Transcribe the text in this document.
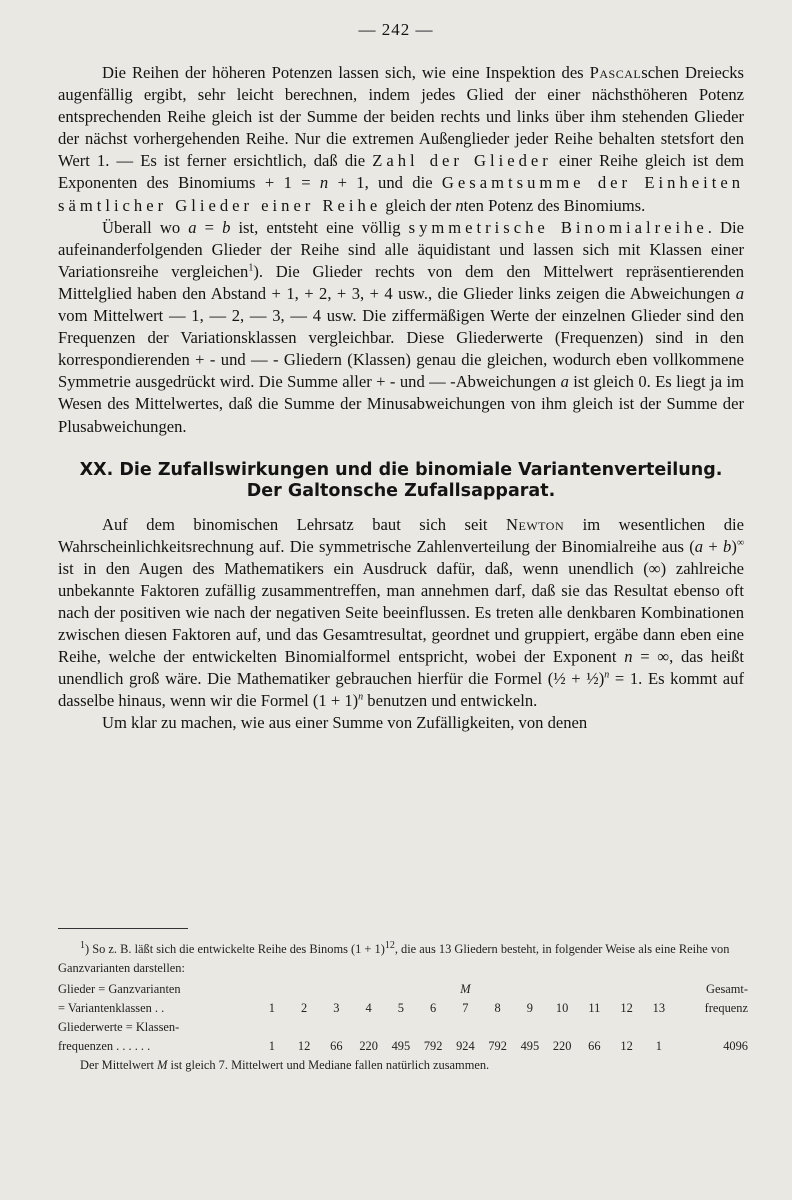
— 242 —

Die Reihen der höheren Potenzen lassen sich, wie eine Inspektion des Pascalschen Dreiecks augenfällig ergibt, sehr leicht berechnen, indem jedes Glied der einer nächsthöheren Potenz entsprechenden Reihe gleich ist der Summe der beiden rechts und links über ihm stehenden Glieder der nächst vorhergehenden Reihe. Nur die extremen Außenglieder jeder Reihe behalten stetsfort den Wert 1. — Es ist ferner ersichtlich, daß die Zahl der Glieder einer Reihe gleich ist dem Exponenten des Binomiums + 1 = n + 1, und die Gesamtsumme der Einheiten sämtlicher Glieder einer Reihe gleich der nten Potenz des Binomiums.

Überall wo a = b ist, entsteht eine völlig symmetrische Binomialreihe. Die aufeinanderfolgenden Glieder der Reihe sind alle äquidistant und lassen sich mit Klassen einer Variationsreihe vergleichen$^1$). Die Glieder rechts von dem den Mittelwert repräsentierenden Mittelglied haben den Abstand + 1, + 2, + 3, + 4 usw., die Glieder links zeigen die Abweichungen a vom Mittelwert — 1, — 2, — 3, — 4 usw. Die ziffermäßigen Werte der einzelnen Glieder sind den Frequenzen der Variationsklassen vergleichbar. Diese Gliederwerte (Frequenzen) sind in den korrespondierenden + - und — - Gliedern (Klassen) genau die gleichen, wodurch eben vollkommene Symmetrie ausgedrückt wird. Die Summe aller + - und — -Abweichungen a ist gleich 0. Es liegt ja im Wesen des Mittelwertes, daß die Summe der Minusabweichungen von ihm gleich ist der Summe der Plusabweichungen.

XX. Die Zufallswirkungen und die binomiale Variantenverteilung.
Der Galtonsche Zufallsapparat.

Auf dem binomischen Lehrsatz baut sich seit Newton im wesentlichen die Wahrscheinlichkeitsrechnung auf. Die symmetrische Zahlenverteilung der Binomialreihe aus (a + b)∞ ist in den Augen des Mathematikers ein Ausdruck dafür, daß, wenn unendlich (∞) zahlreiche unbekannte Faktoren zufällig zusammentreffen, man annehmen darf, daß sie das Resultat ebenso oft nach der positiven wie nach der negativen Seite beeinflussen. Es treten alle denkbaren Kombinationen zwischen diesen Faktoren auf, und das Gesamtresultat, geordnet und gruppiert, ergäbe dann eben eine Reihe, welche der entwickelten Binomialformel entspricht, wobei der Exponent n = ∞, das heißt unendlich groß wäre. Die Mathematiker gebrauchen hierfür die Formel (½ + ½)$^n$ = 1. Es kommt auf dasselbe hinaus, wenn wir die Formel $(1 + 1)^n$ benutzen und entwickeln.

Um klar zu machen, wie aus einer Summe von Zufälligkeiten, von denen

$^1$) So z. B. läßt sich die entwickelte Reihe des Binoms $(1 + 1)^{12}$, die aus 13 Gliedern besteht, in folgender Weise als eine Reihe von Ganzvarianten darstellen:

Glieder = Ganzvarianten							M							Gesamt-
= Variantenklassen . .	1	2	3	4	5	6	7	8	9	10	11	12	13	frequenz
Gliederwerte = Klassen-														
frequenzen . . . . . .	1	12	66	220	495	792	924	792	495	220	66	12	1	4096

Der Mittelwert M ist gleich 7. Mittelwert und Mediane fallen natürlich zusammen.
